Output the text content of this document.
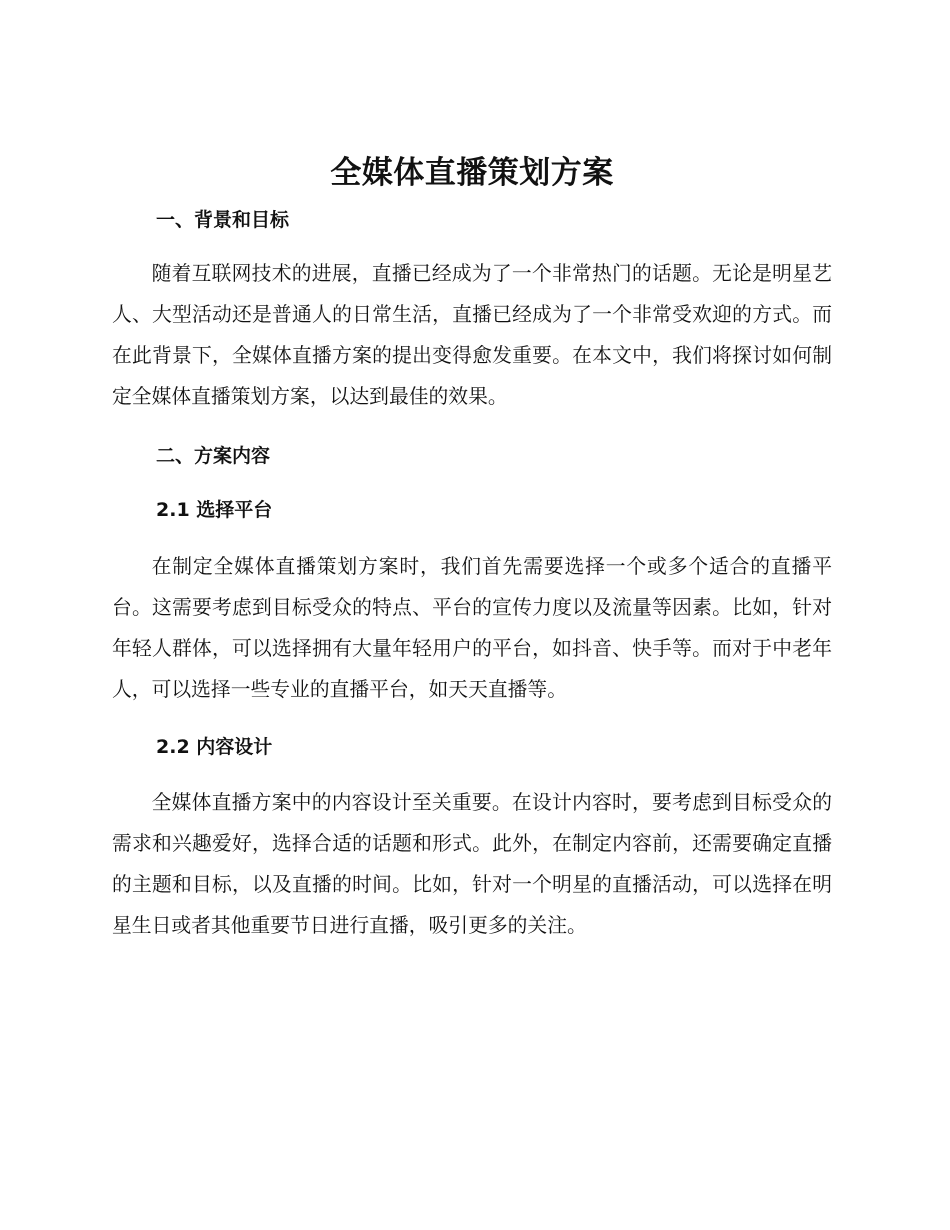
全媒体直播策划方案
一、背景和目标

随着互联网技术的进展，直播已经成为了一个非常热门的话题。无论是明星艺人、大型活动还是普通人的日常生活，直播已经成为了一个非常受欢迎的方式。而在此背景下，全媒体直播方案的提出变得愈发重要。在本文中，我们将探讨如何制定全媒体直播策划方案，以达到最佳的效果。

二、方案内容
2.1 选择平台

在制定全媒体直播策划方案时，我们首先需要选择一个或多个适合的直播平台。这需要考虑到目标受众的特点、平台的宣传力度以及流量等因素。比如，针对年轻人群体，可以选择拥有大量年轻用户的平台，如抖音、快手等。而对于中老年人，可以选择一些专业的直播平台，如天天直播等。

2.2 内容设计

全媒体直播方案中的内容设计至关重要。在设计内容时，要考虑到目标受众的需求和兴趣爱好，选择合适的话题和形式。此外，在制定内容前，还需要确定直播的主题和目标，以及直播的时间。比如，针对一个明星的直播活动，可以选择在明星生日或者其他重要节日进行直播，吸引更多的关注。
